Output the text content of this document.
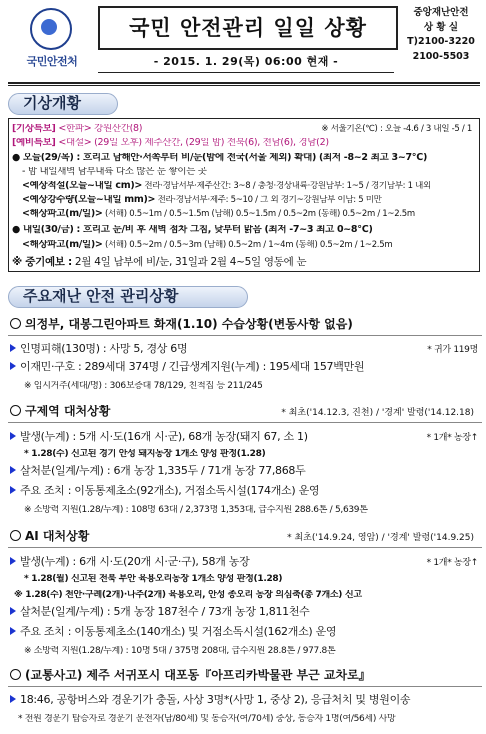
국민안전처
국민 안전관리 일일 상황
중앙재난안전
상 황 실
T)2100-3220
2100-5503
- 2015. 1. 29(목) 06:00 현재 -
기상개황
[기상특보] <한파> 강원산간(8)	※ 서울기온(℃) : 오늘 -4.6 / 3 내일 -5 / 1
[예비특보] <대설> (29일 오후) 제주산간, (29일 밤) 전북(6), 전남(6), 경남(2)
● 오늘(29/목) : 흐리고 남해안·서쪽부터 비/눈(밤에 전국(서울 제외) 확대) (최저 -8~2 최고 3~7℃)
- 밤 내일새벽 남부내륙 다소 많은 눈 쌓이는 곳
<예상적설(오늘~내일 cm)> 전라·경남서부·제주산간: 3~8 / 충청·경상내륙·강원남부: 1~5 / 경기남부: 1 내외
<예상강수량(오늘~내일 mm)> 전라·경남서부·제주: 5~10 / 그 외 경기~강원남부 이남: 5 미만
<해상파고(m/일)> (서해) 0.5~1m / 0.5~1.5m (남해) 0.5~1.5m / 0.5~2m (동해) 0.5~2m / 1~2.5m
● 내일(30/금) : 흐리고 눈/비 후 새벽 점차 그침, 낮부터 맑음 (최저 -7~3 최고 0~8℃)
<해상파고(m/일)> (서해) 0.5~2m / 0.5~3m (남해) 0.5~2m / 1~4m (동해) 0.5~2m / 1~2.5m
※ 중기예보 : 2월 4일 남부에 비/눈, 31일과 2월 4~5일 영동에 눈
주요재난 안전 관리상황
의정부, 대봉그린아파트 화재(1.10) 수습상황(변동사항 없음)
인명피해(130명) : 사망 5, 경상 6명	* 귀가 119명
이재민·구호 : 289세대 374명 / 긴급생계지원(누계) : 195세대 157백만원
※ 임시거주(세대/명) : 306보증대 78/129, 친척집 등 211/245
구제역 대처상황	* 최초('14.12.3, 진천) / '경계' 발령('14.12.18)
발생(누계) : 5개 시·도(16개 시·군), 68개 농장(돼지 67, 소 1)	* 1개* 농장↑
* 1.28(수) 신고된 경기 안성 돼지농장 1개소 양성 판정(1.28)
살처분(일계/누계) : 6개 농장 1,335두 / 71개 농장 77,868두
주요 조치 : 이동통제초소(92개소), 거점소독시설(174개소) 운영
※ 소방력 지원(1.28/누계) : 108명 63대 / 2,373명 1,353대, 급수지원 288.6톤 / 5,639톤
AI 대처상황	* 최초('14.9.24, 영암) / '경계' 발령('14.9.25)
발생(누계) : 6개 시·도(20개 시·군·구), 58개 농장	* 1개* 농장↑
* 1.28(월) 신고된 전북 부안 육용오리농장 1개소 양성 판정(1.28)
※ 1.28(수) 천안·구례(2개)·나주(2개) 육용오리, 안성 종오리 농장 의심축(총 7개소) 신고
살처분(일계/누계) : 5개 농장 187천수 / 73개 농장 1,811천수
주요 조치 : 이동통제초소(140개소) 및 거점소독시설(162개소) 운영
※ 소방력 지원(1.28/누계) : 10명 5대 / 375명 208대, 급수지원 28.8톤 / 977.8톤
(교통사고) 제주 서귀포시 대포동『아프리카박물관 부근 교차로』
18:46, 공항버스와 경운기가 충돌, 사상 3명*(사망 1, 중상 2), 응급처치 및 병원이송
* 전원 경운기 탑승자로 경운기 운전자(남/80세) 및 동승자(여/70세) 중상, 동승자 1명(여/56세) 사망
